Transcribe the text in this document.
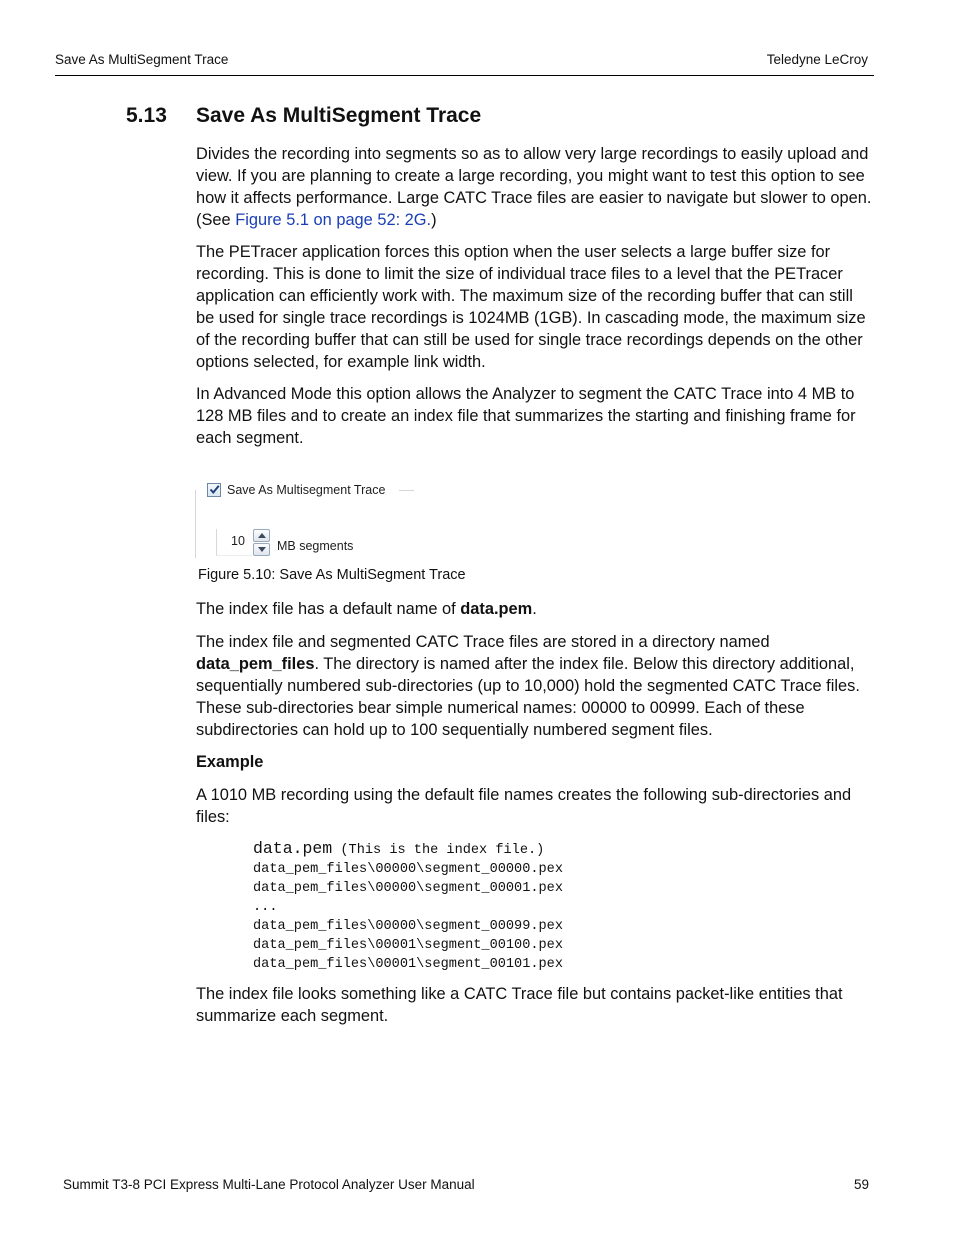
Save As MultiSegment Trace	Teledyne LeCroy
5.13 Save As MultiSegment Trace

Divides the recording into segments so as to allow very large recordings to easily upload and view. If you are planning to create a large recording, you might want to test this option to see how it affects performance. Large CATC Trace files are easier to navigate but slower to open. (See Figure 5.1 on page 52: 2G.)

The PETracer application forces this option when the user selects a large buffer size for recording. This is done to limit the size of individual trace files to a level that the PETracer application can efficiently work with. The maximum size of the recording buffer that can still be used for single trace recordings is 1024MB (1GB). In cascading mode, the maximum size of the recording buffer that can still be used for single trace recordings depends on the other options selected, for example link width.

In Advanced Mode this option allows the Analyzer to segment the CATC Trace into 4 MB to 128 MB files and to create an index file that summarizes the starting and finishing frame for each segment.

Save As Multisegment Trace
10	MB segments
Figure 5.10: Save As MultiSegment Trace

The index file has a default name of data.pem.

The index file and segmented CATC Trace files are stored in a directory named data_pem_files. The directory is named after the index file. Below this directory additional, sequentially numbered sub-directories (up to 10,000) hold the segmented CATC Trace files. These sub-directories bear simple numerical names: 00000 to 00999. Each of these subdirectories can hold up to 100 sequentially numbered segment files.

Example

A 1010 MB recording using the default file names creates the following sub-directories and files:

data.pem (This is the index file.)
data_pem_files\00000\segment_00000.pex
data_pem_files\00000\segment_00001.pex
...
data_pem_files\00000\segment_00099.pex
data_pem_files\00001\segment_00100.pex
data_pem_files\00001\segment_00101.pex

The index file looks something like a CATC Trace file but contains packet-like entities that summarize each segment.

Summit T3-8 PCI Express Multi-Lane Protocol Analyzer User Manual	59
